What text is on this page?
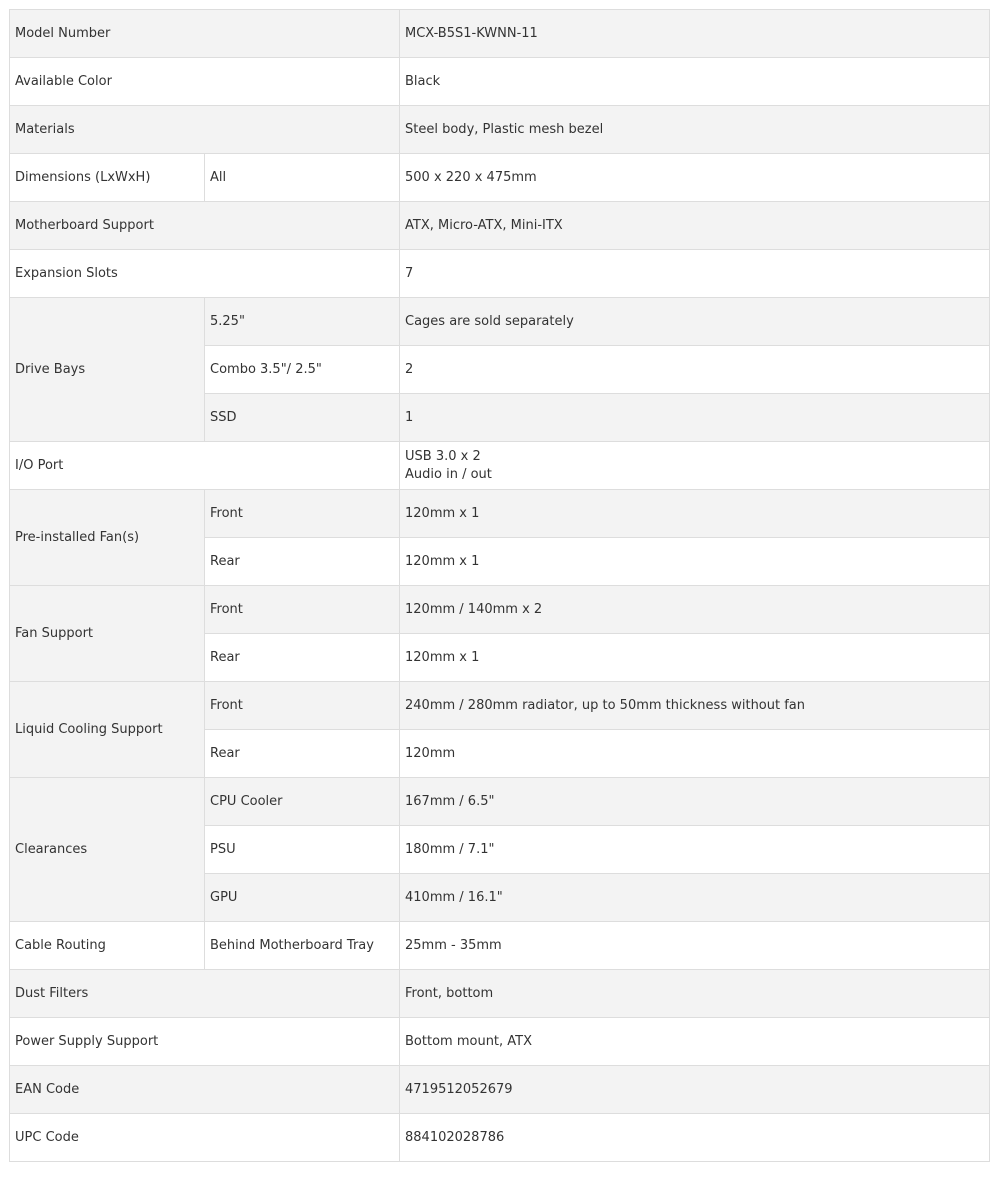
Model Number		MCX-B5S1-KWNN-11
Available Color		Black
Materials		Steel body, Plastic mesh bezel
Dimensions (LxWxH)	All	500 x 220 x 475mm
Motherboard Support		ATX, Micro-ATX, Mini-ITX
Expansion Slots		7
Drive Bays	5.25"	Cages are sold separately
	Combo 3.5"/ 2.5"	2
	SSD	1
I/O Port		USB 3.0 x 2
Audio in / out

Pre-installed Fan(s)	Front	120mm x 1
	Rear	120mm x 1
Fan Support	Front	120mm / 140mm x 2
	Rear	120mm x 1
Liquid Cooling Support	Front	240mm / 280mm radiator, up to 50mm thickness without fan
	Rear	120mm
Clearances	CPU Cooler	167mm / 6.5"
	PSU	180mm / 7.1"
	GPU	410mm / 16.1"
Cable Routing	Behind Motherboard Tray	25mm - 35mm
Dust Filters		Front, bottom
Power Supply Support		Bottom mount, ATX
EAN Code		4719512052679
UPC Code		884102028786
